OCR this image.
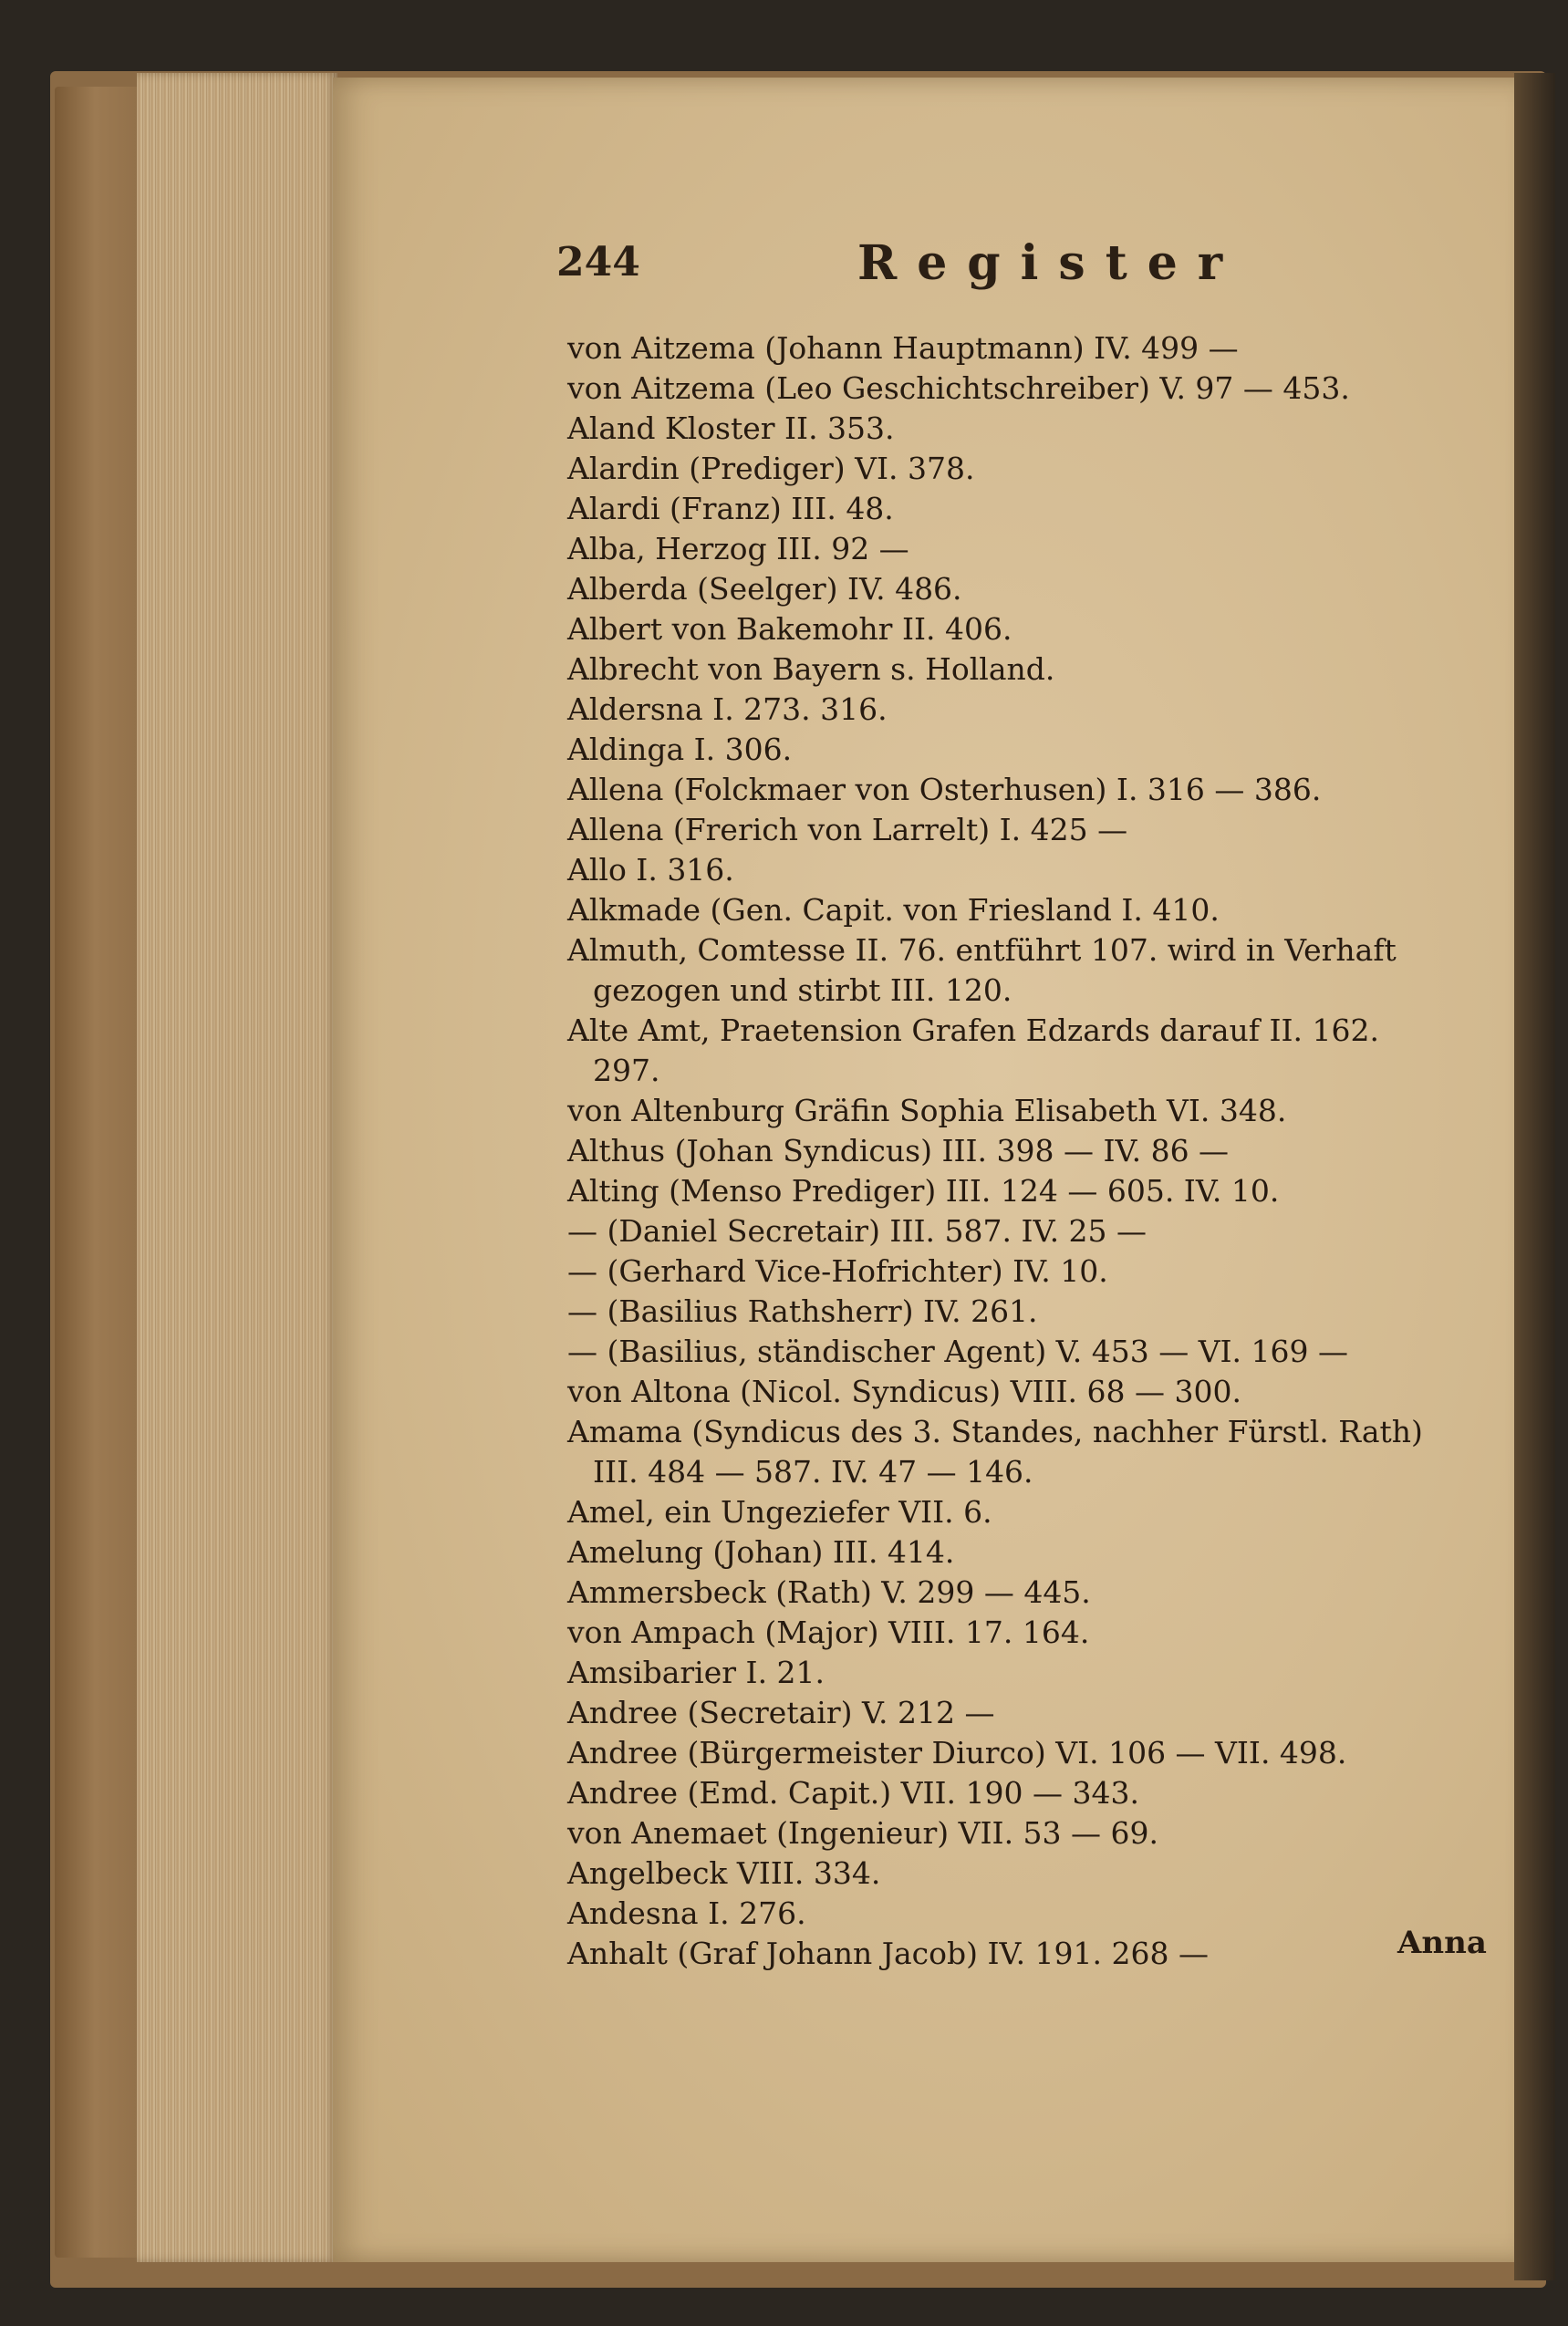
244	Register
von Aitzema (Johann Hauptmann) IV. 499 —
von Aitzema (Leo Geschichtschreiber) V. 97 — 453.
Aland Kloster II. 353.
Alardin (Prediger) VI. 378.
Alardi (Franz) III. 48.
Alba, Herzog III. 92 —
Alberda (Seelger) IV. 486.
Albert von Bakemohr II. 406.
Albrecht von Bayern s. Holland.
Aldersna I. 273. 316.
Aldinga I. 306.
Allena (Folckmaer von Osterhusen) I. 316 — 386.
Allena (Frerich von Larrelt) I. 425 —
Allo I. 316.
Alkmade (Gen. Capit. von Friesland I. 410.
Almuth, Comtesse II. 76. entführt 107. wird in Verhaft
gezogen und stirbt III. 120.
Alte Amt, Praetension Grafen Edzards darauf II. 162.
297.
von Altenburg Gräfin Sophia Elisabeth VI. 348.
Althus (Johan Syndicus) III. 398 — IV. 86 —
Alting (Menso Prediger) III. 124 — 605. IV. 10.
— (Daniel Secretair) III. 587. IV. 25 —
— (Gerhard Vice-Hofrichter) IV. 10.
— (Basilius Rathsherr) IV. 261.
— (Basilius, ständischer Agent) V. 453 — VI. 169 —
von Altona (Nicol. Syndicus) VIII. 68 — 300.
Amama (Syndicus des 3. Standes, nachher Fürstl. Rath)
III. 484 — 587. IV. 47 — 146.
Amel, ein Ungeziefer VII. 6.
Amelung (Johan) III. 414.
Ammersbeck (Rath) V. 299 — 445.
von Ampach (Major) VIII. 17. 164.
Amsibarier I. 21.
Andree (Secretair) V. 212 —
Andree (Bürgermeister Diurco) VI. 106 — VII. 498.
Andree (Emd. Capit.) VII. 190 — 343.
von Anemaet (Ingenieur) VII. 53 — 69.
Angelbeck VIII. 334.
Andesna I. 276.
Anhalt (Graf Johann Jacob) IV. 191. 268 —	Anna
